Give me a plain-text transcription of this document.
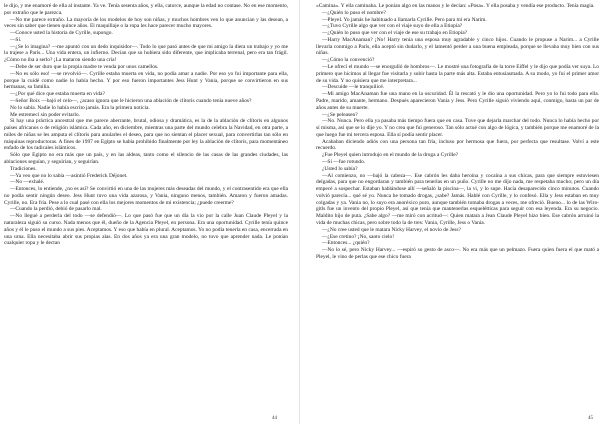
le dijo, y me enamoré de ella al instante. Ya ve. Tenía sesenta años, y ella, catorce, aunque la edad no contase. No en ese momento, por extraño que le parezca.

—No me parece extraño. La mayoría de los modelos de hoy son niñas, y muchos hombres ven lo que anuncian y las desean, a veces sin saber que tienen quince años. El maquillaje o la ropa les hace parecer mucho mayores.

—Conoce usted la historia de Cyrille, supongo.

—Sí.

—¿Se lo imagina? —me apuntó con un dedo inquisidor—. Todo lo que pasó antes de que mi amigo la diera un trabajo y yo me la trajese a París... Una vida entera, un infierno. Decían que su hubiera sido diferente, que implicaba terrenal, pero era tan frágil. ¿Cómo no iba a serlo? ¡La mataron siendo una cría!

—Debe de ser duro que la propia madre te venda por unos camellos.

—No es sólo eso! —se revolvió—. Cyrille estaba muerta en vida, no podía amar a nadie. Por eso yo fui importante para ella, porque la cuidé como nadie lo había hecho. Y por eso fueron importantes Jess Hunt y Vania, porque se convirtieron en sus hermanas, su familia.

—¿Por qué dice que estaba muerta en vida?

—Señor Boix —bajó el celo—, ¿acaso ignora que le hicieron una ablación de clítoris cuando tenía nueve años?

No lo sabía. Nadie lo había escrito jamás. Era la primera noticia.

Me estremecí sin poder evitarlo.

Si hay una práctica ancestral que me parece aberrante, brutal, odiosa y dramática, es la de la ablación de clítoris en algunos países africanos o de religión islámica. Cada año, en diciembre, mientras una parte del mundo celebra la Navidad, en otra parte, a miles de niñas se les amputa el clítoris para anularles el deseo, para que no sientan el placer sexual, para convertirlas tan sólo en máquinas reproductoras. A fines de 1997 en Egipto se había prohibido finalmente por ley la ablación de clítoris, para momentáneo enfado de los radicales islámicos.

Sólo que Egipto no era más que un país, y en las aldeas, tanto como el silencio de las casas de las grandes ciudades, las ablaciones seguían, y seguirían, y seguirían.

Tradiciones.

—Ya veo que no lo sabía —asintió Frederick Déjonet.

—No —exhalé.

—Entonces, lo entiende, ¿no es así? Se convirtió en una de las mujeres más deseadas del mundo, y el contrasentido era que ella no podía sentir ningún deseo. Jess Hunt tuvo una vida azarosa, y Vania, ninguno menos, también. Amaron y fueron amadas. Cyrille, no. Era fría. Pese a lo cual pasé con ella los mejores momentos de mi existencia; ¿puede creerme?

—Cuando la perdió, debió de pasarlo mal.

—No llegué a perderla del todo —se defendió—. Lo que pasó fue que un día la vio por la calle Juan Claude Pleyel y la naturaleza siguió su curso. Nada menos que él, dueño de la Agencia Pleyel, en persona. Era una oportunidad. Cyrille tenía quince años y él le puso el mundo a sus pies. Aceptamos. Y eso que había en plural. Aceptamos. Yo no podía tenerla en casa, encerrada en una urna. Ella necesitaba abrir sus propias alas. En dos años ya era una gran modelo, no tuvo que aprender nada. Le ponían cualquier ropa y le dectan

«Camina». Y ella caminaba. Le ponían algo en las manos y le decían: «Posa». Y ella posaba y vendía ese producto. Tenía magia.

—¿Quién lo puso el nombre?

—Pleyel. Yo jamás he habituado a llamarla Cyrille. Pero para mí era Narim.

—¿Tuvo Cyrille algo que ver con el viaje suyo de ella a Etiopía?

—¿Quién lo puso que ver con el viaje de ese su trabajo en Etiopía?

—Harry MacAnaman? ¡No! Harry tenía una esposa muy agradable y cinco hijos. Cuando le propuse a Narim... a Cyrille llevarla conmigo a París, ella aceptó sin dudarlo, y el lamentó perder a una buena empleada, porque se llevaba muy bien con sus niñas.

—¿Cómo la convenció?

—Le ofrecí el mundo —se enorgulló de hombros—. Le mostré una fotografía de la torre Eiffel y le dijo que podía ver suya. Lo primero que hicimos al llegar fue visitarla y subir hasta la parte más alta. Estaba entusiasmada. A su modo, yo fui el primer amor de su vida. Y no quisiera que me interpretara...

—Descuide —le tranquilicé.

—Mi amigo MacAnaman fue una mano en la oscuridad. Él la rescató y le dio una oportunidad. Pero yo lo fui todo para ella. Padre, marido, amante, hermano. Después aparecieron Vania y Jess. Pero Cyrille siguió viviendo aquí, conmigo, hasta un par de años antes de su muerte.

—¿Se peleasen?

—No. Nunca. Pero ella ya pasaba más tiempo fuera que en casa. Tuve que dejarla marchar del todo. Nunca lo había hecho por sí misma, así que se lo dije yo. Y no crea que fui generoso. Tan sólo actué con algo de lógica, y también porque me enamoré de la que luego fue mi tercera esposa. Ella sí podía sentir placer.

Acababan diciendo adiós con una persona tan fría, incluso por hermosa que fuera, por perfecta que resultase. Volví a este recuerdo.

¿Fue Pleyel quien introdujo en el mundo de la droga a Cyrille?

—Sí —fue rotundo.

¿Usted lo sabía?

—Al comienzo, no —bajó la cabeza—. Ese cabrón les daba heroína y cocaína a sus chicas, para que siempre estuviesen delgadas, para que no engordaran y también para tenerlas en un puño. Cyrille no me dijo nada, me respetaba mucho; pero un día empecé a sospechar. Estaban hablándose allí —señaló la piscina—, la vi, y lo supe. Hacía desaparecido cinco minutos. Cuando volvió parecía... qué sé yo. Nunca he tomado drogas, ¿sabe? Jamás. Hablé con Cyrille, y lo confesó. Ella y Jess estaban en muy colgadas y ya. Vania no, lo suyo era anoréxico puro, aunque también tomaba drogas a veces, me ofreció. Bueno... lo de las Wiro-gitls fue un invento del propio Pleyel, así que tenía que mantenerlas esquelétticas para seguir con esa leyenda. Era su negocio. Maldito hijo de puta. ¿Sabe algo? —me miró con acritud—: Quien matara a Jean Claude Pleyel hizo bien. Ese cabrón arruinó la vida de muchas chicas, pero sobre todo la de tres: Vania, Cyrille, Jess o Vania.

—¿No cree usted que le matara Nicky Harvey, el novio de Jess?

—¿Ese cretino? ¡No, santo cielo!

—Entonces... ¿quién?

—No lo sé, pero Nicky Harvey... —espiró su gesto de asco—. No era más que un pelmazo. Fuera quien fuera el que mató a Pleyel, le vino de perlas que ese chico fuera

44	45
